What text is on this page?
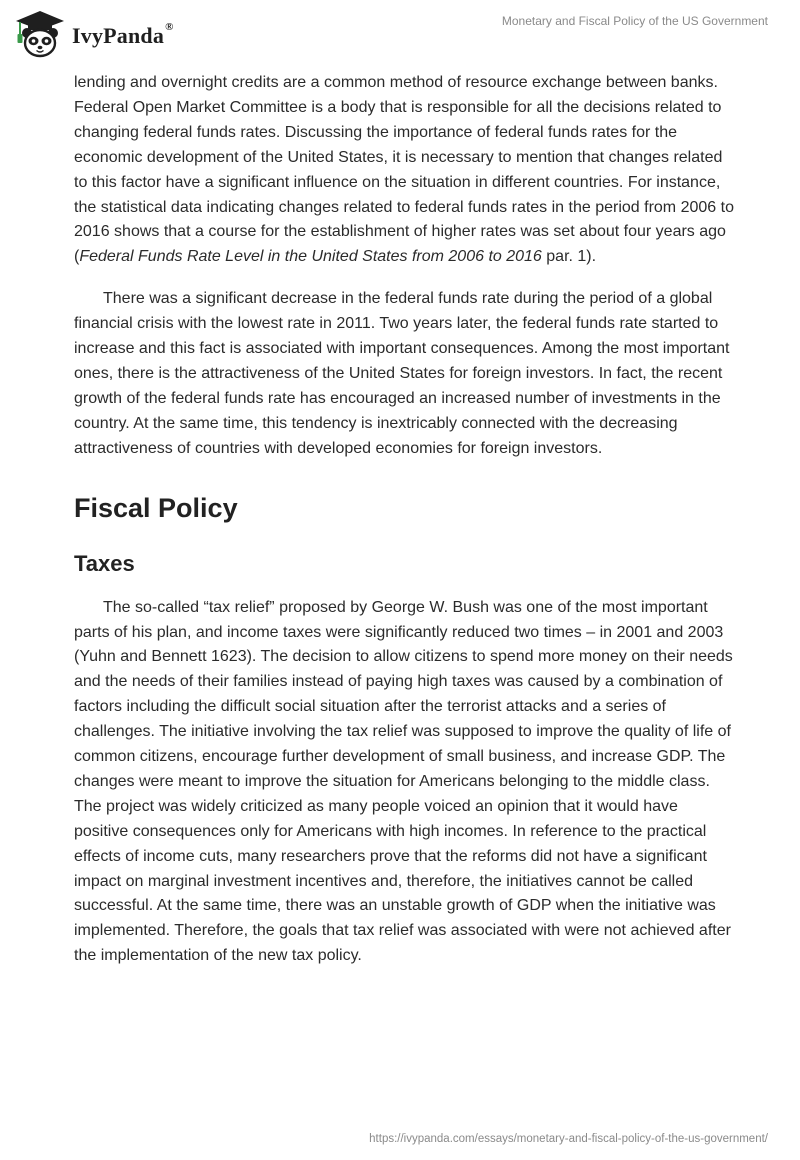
IvyPanda®	Monetary and Fiscal Policy of the US Government

lending and overnight credits are a common method of resource exchange between banks. Federal Open Market Committee is a body that is responsible for all the decisions related to changing federal funds rates. Discussing the importance of federal funds rates for the economic development of the United States, it is necessary to mention that changes related to this factor have a significant influence on the situation in different countries. For instance, the statistical data indicating changes related to federal funds rates in the period from 2006 to 2016 shows that a course for the establishment of higher rates was set about four years ago (Federal Funds Rate Level in the United States from 2006 to 2016 par. 1).

There was a significant decrease in the federal funds rate during the period of a global financial crisis with the lowest rate in 2011. Two years later, the federal funds rate started to increase and this fact is associated with important consequences. Among the most important ones, there is the attractiveness of the United States for foreign investors. In fact, the recent growth of the federal funds rate has encouraged an increased number of investments in the country. At the same time, this tendency is inextricably connected with the decreasing attractiveness of countries with developed economies for foreign investors.

Fiscal Policy
Taxes

The so-called “tax relief” proposed by George W. Bush was one of the most important parts of his plan, and income taxes were significantly reduced two times – in 2001 and 2003 (Yuhn and Bennett 1623). The decision to allow citizens to spend more money on their needs and the needs of their families instead of paying high taxes was caused by a combination of factors including the difficult social situation after the terrorist attacks and a series of challenges. The initiative involving the tax relief was supposed to improve the quality of life of common citizens, encourage further development of small business, and increase GDP. The changes were meant to improve the situation for Americans belonging to the middle class. The project was widely criticized as many people voiced an opinion that it would have positive consequences only for Americans with high incomes. In reference to the practical effects of income cuts, many researchers prove that the reforms did not have a significant impact on marginal investment incentives and, therefore, the initiatives cannot be called successful. At the same time, there was an unstable growth of GDP when the initiative was implemented. Therefore, the goals that tax relief was associated with were not achieved after the implementation of the new tax policy.

https://ivypanda.com/essays/monetary-and-fiscal-policy-of-the-us-government/
